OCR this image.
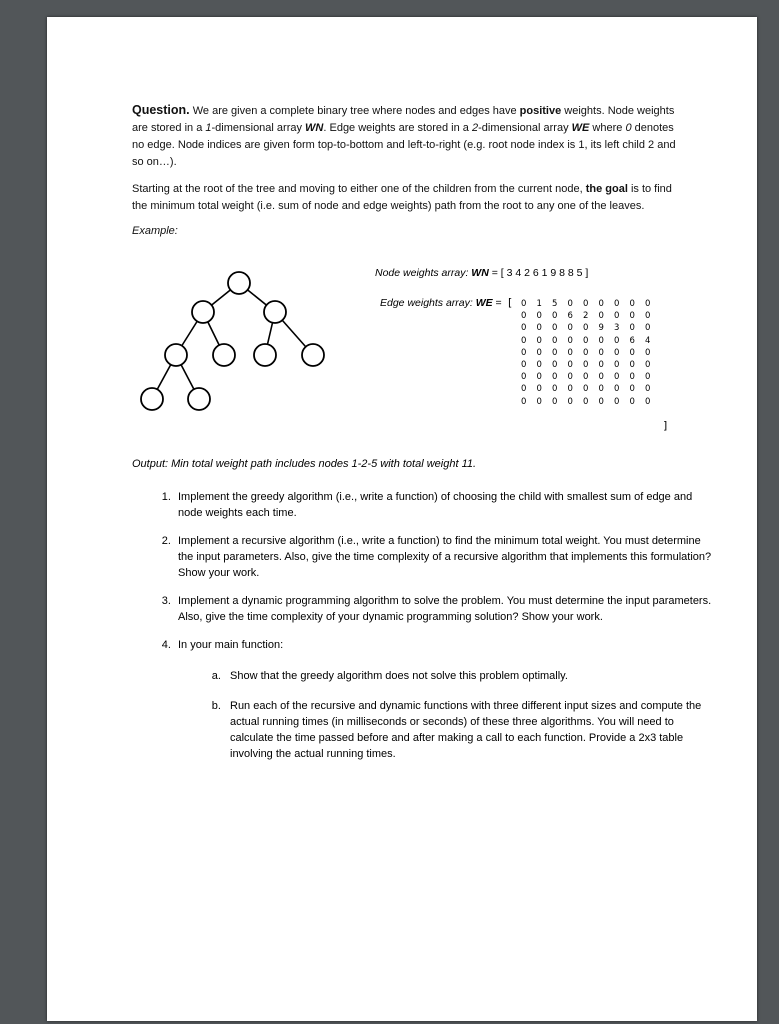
Question. We are given a complete binary tree where nodes and edges have positive weights. Node weights are stored in a 1-dimensional array WN. Edge weights are stored in a 2-dimensional array WE where 0 denotes no edge. Node indices are given form top-to-bottom and left-to-right (e.g. root node index is 1, its left child 2 and so on…).

Starting at the root of the tree and moving to either one of the children from the current node, the goal is to find the minimum total weight (i.e. sum of node and edge weights) path from the root to any one of the leaves.

Example:

Node weights array: WN = [ 3 4 2 6 1 9 8 8 5 ]
Edge weights array: WE = [
]
0	1	5	0	0	0	0	0	0
0	0	0	6	2	0	0	0	0
0	0	0	0	0	9	3	0	0
0	0	0	0	0	0	0	6	4
0	0	0	0	0	0	0	0	0
0	0	0	0	0	0	0	0	0
0	0	0	0	0	0	0	0	0
0	0	0	0	0	0	0	0	0
0	0	0	0	0	0	0	0	0
Output: Min total weight path includes nodes 1-2-5 with total weight 11.
1. Implement the greedy algorithm (i.e., write a function) of choosing the child with smallest sum of edge and node weights each time.
2. Implement a recursive algorithm (i.e., write a function) to find the minimum total weight. You must determine the input parameters. Also, give the time complexity of a recursive algorithm that implements this formulation? Show your work.
3. Implement a dynamic programming algorithm to solve the problem. You must determine the input parameters. Also, give the time complexity of your dynamic programming solution? Show your work.
4. In your main function:
a. Show that the greedy algorithm does not solve this problem optimally.
b. Run each of the recursive and dynamic functions with three different input sizes and compute the actual running times (in milliseconds or seconds) of these three algorithms. You will need to calculate the time passed before and after making a call to each function. Provide a 2x3 table involving the actual running times.
